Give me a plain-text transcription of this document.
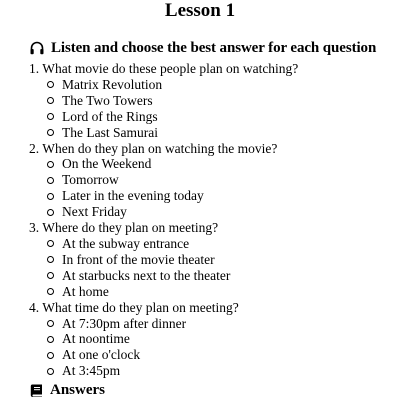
Lesson 1
Listen and choose the best answer for each question
1. What movie do these people plan on watching?
Matrix Revolution
The Two Towers
Lord of the Rings
The Last Samurai
2. When do they plan on watching the movie?
On the Weekend
Tomorrow
Later in the evening today
Next Friday
3. Where do they plan on meeting?
At the subway entrance
In front of the movie theater
At starbucks next to the theater
At home
4. What time do they plan on meeting?
At 7:30pm after dinner
At noontime
At one o'clock
At 3:45pm
Answers
